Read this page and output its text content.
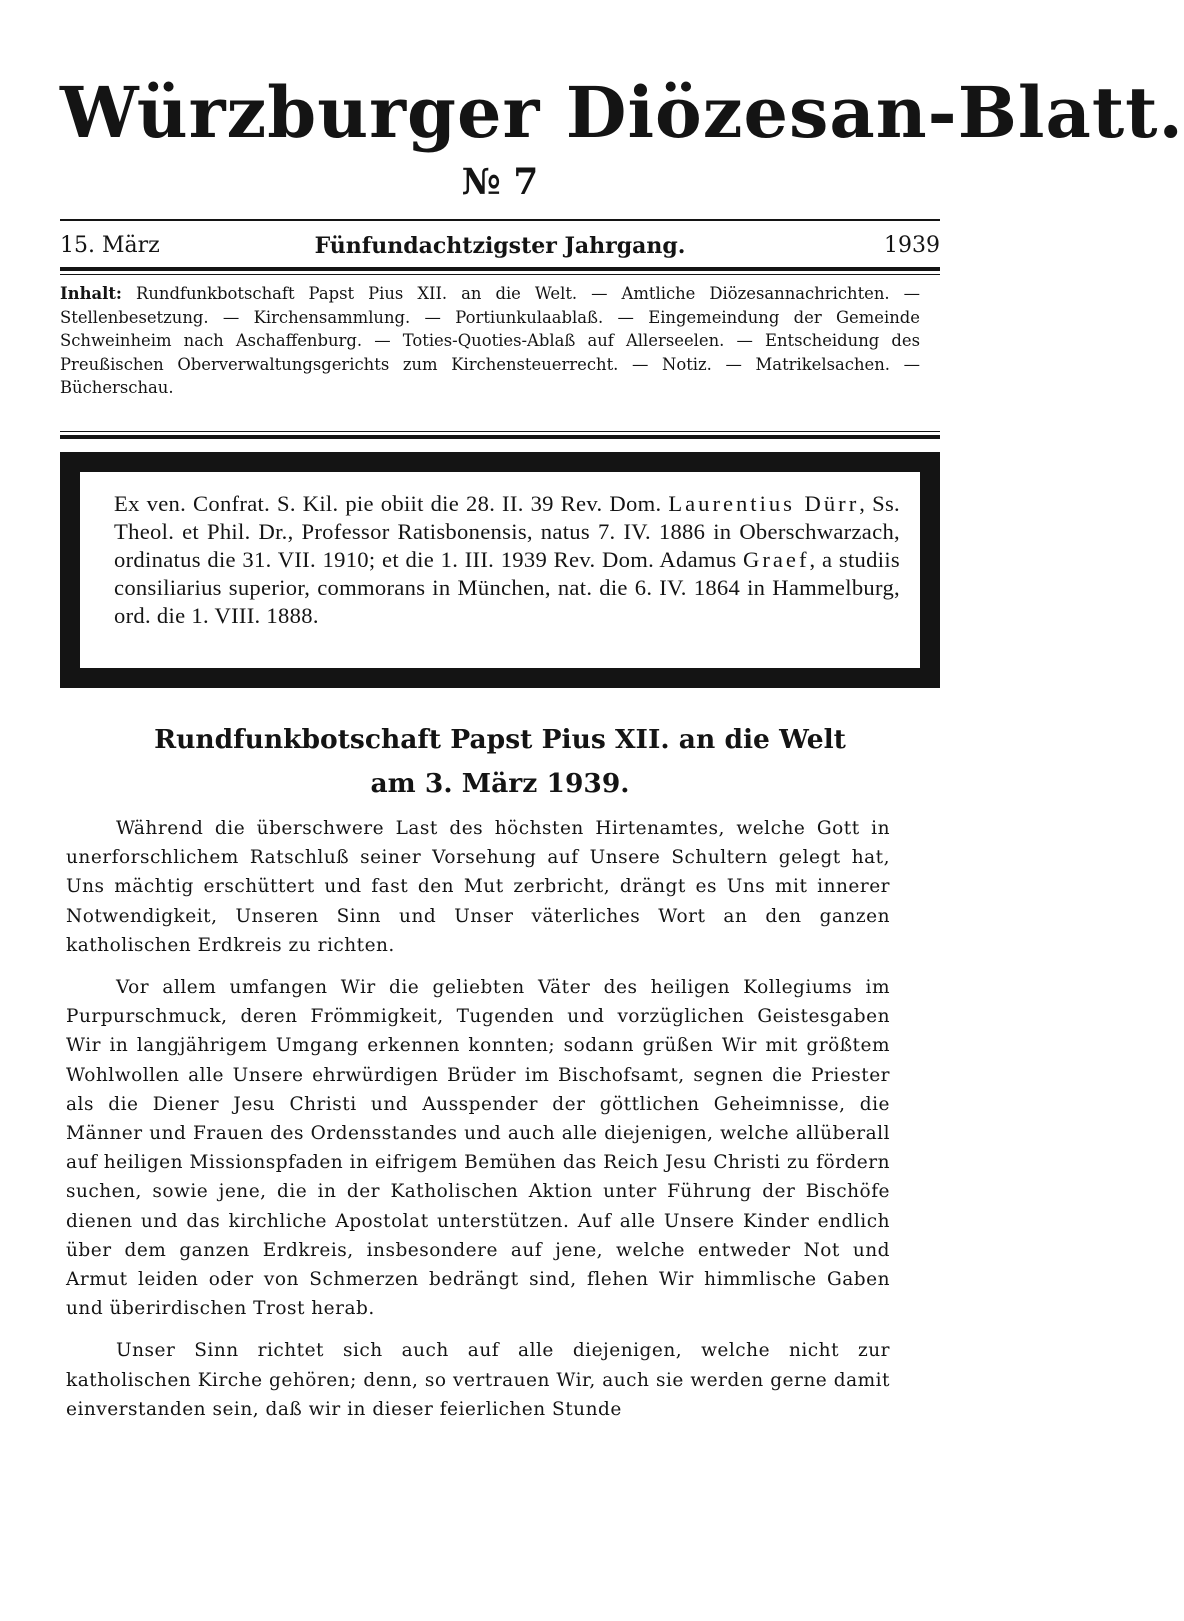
Würzburger Diözesan-Blatt.
№ 7
Fünfundachtzigster Jahrgang.
15. März	1939
Inhalt: Rundfunkbotschaft Papst Pius XII. an die Welt. — Amtliche Diözesannachrichten. — Stellenbesetzung. — Kirchensammlung. — Portiunkulaablaß. — Eingemeindung der Gemeinde Schweinheim nach Aschaffenburg. — Toties-Quoties-Ablaß auf Allerseelen. — Entscheidung des Preußischen Oberverwaltungsgerichts zum Kirchensteuerrecht. — Notiz. — Matrikelsachen. — Bücherschau.
Ex ven. Confrat. S. Kil. pie obiit die 28. II. 39 Rev. Dom. Laurentius Dürr, Ss. Theol. et Phil. Dr., Professor Ratisbonensis, natus 7. IV. 1886 in Oberschwarzach, ordinatus die 31. VII. 1910; et die 1. III. 1939 Rev. Dom. Adamus Graef, a studiis consiliarius superior, commorans in München, nat. die 6. IV. 1864 in Hammelburg, ord. die 1. VIII. 1888.
Rundfunkbotschaft Papst Pius XII. an die Welt
am 3. März 1939.

Während die überschwere Last des höchsten Hirtenamtes, welche Gott in unerforschlichem Ratschluß seiner Vorsehung auf Unsere Schultern gelegt hat, Uns mächtig erschüttert und fast den Mut zerbricht, drängt es Uns mit innerer Notwendigkeit, Unseren Sinn und Unser väterliches Wort an den ganzen katholischen Erdkreis zu richten.

Vor allem umfangen Wir die geliebten Väter des heiligen Kollegiums im Purpurschmuck, deren Frömmigkeit, Tugenden und vorzüglichen Geistesgaben Wir in langjährigem Umgang erkennen konnten; sodann grüßen Wir mit größtem Wohlwollen alle Unsere ehrwürdigen Brüder im Bischofsamt, segnen die Priester als die Diener Jesu Christi und Ausspender der göttlichen Geheimnisse, die Männer und Frauen des Ordensstandes und auch alle diejenigen, welche allüberall auf heiligen Missionspfaden in eifrigem Bemühen das Reich Jesu Christi zu fördern suchen, sowie jene, die in der Katholischen Aktion unter Führung der Bischöfe dienen und das kirchliche Apostolat unterstützen. Auf alle Unsere Kinder endlich über dem ganzen Erdkreis, insbesondere auf jene, welche entweder Not und Armut leiden oder von Schmerzen bedrängt sind, flehen Wir himmlische Gaben und überirdischen Trost herab.

Unser Sinn richtet sich auch auf alle diejenigen, welche nicht zur katholischen Kirche gehören; denn, so vertrauen Wir, auch sie werden gerne damit einverstanden sein, daß wir in dieser feierlichen Stunde
